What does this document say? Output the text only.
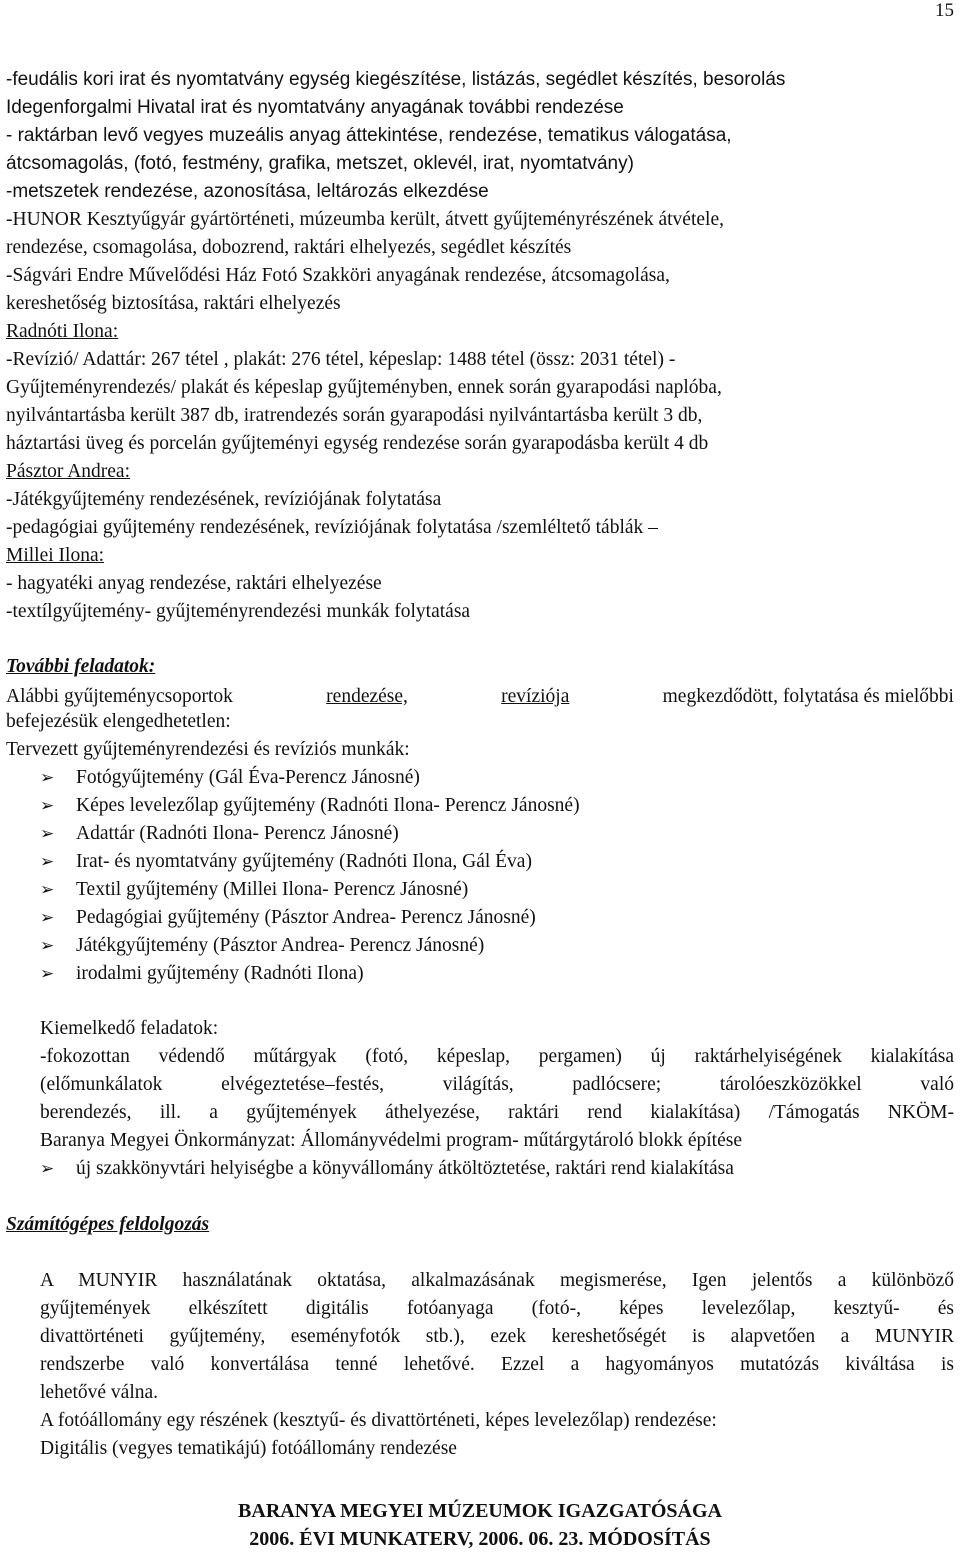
15
-feudális kori irat és nyomtatvány egység kiegészítése, listázás, segédlet készítés, besorolás
Idegenforgalmi Hivatal irat és nyomtatvány anyagának további rendezése
- raktárban levő vegyes muzeális anyag áttekintése, rendezése, tematikus válogatása,
átcsomagolás, (fotó, festmény, grafika, metszet, oklevél, irat, nyomtatvány)
-metszetek rendezése, azonosítása, leltározás elkezdése
-HUNOR Kesztyűgyár gyártörténeti, múzeumba került, átvett gyűjteményrészének átvétele,
rendezése, csomagolása, dobozrend, raktári elhelyezés, segédlet készítés
-Ságvári Endre Művelődési Ház Fotó Szakköri anyagának rendezése, átcsomagolása,
kereshetőség biztosítása, raktári elhelyezés
Radnóti Ilona:
-Revízió/ Adattár: 267 tétel , plakát: 276 tétel, képeslap: 1488 tétel (össz: 2031 tétel) -
Gyűjteményrendezés/ plakát és képeslap gyűjteményben, ennek során gyarapodási naplóba,
nyilvántartásba került 387 db, iratrendezés során gyarapodási nyilvántartásba került 3 db,
háztartási üveg és porcelán gyűjteményi egység rendezése során gyarapodásba került 4 db
Pásztor Andrea:
-Játékgyűjtemény rendezésének, revíziójának folytatása
-pedagógiai gyűjtemény rendezésének, revíziójának folytatása /szemléltető táblák –
Millei Ilona:
- hagyatéki anyag rendezése, raktári elhelyezése
-textílgyűjtemény- gyűjteményrendezési munkák folytatása
További feladatok:
Alábbi gyűjteménycsoportok	rendezése,	revíziója	megkezdődött, folytatása és mielőbbi
befejezésük elengedhetetlen:
Tervezett gyűjteményrendezési és revíziós munkák:
➢ Fotógyűjtemény (Gál Éva-Perencz Jánosné)
➢ Képes levelezőlap gyűjtemény (Radnóti Ilona- Perencz Jánosné)
➢ Adattár (Radnóti Ilona- Perencz Jánosné)
➢ Irat- és nyomtatvány gyűjtemény (Radnóti Ilona, Gál Éva)
➢ Textil gyűjtemény (Millei Ilona- Perencz Jánosné)
➢ Pedagógiai gyűjtemény (Pásztor Andrea- Perencz Jánosné)
➢ Játékgyűjtemény (Pásztor Andrea- Perencz Jánosné)
➢ irodalmi gyűjtemény (Radnóti Ilona)
Kiemelkedő feladatok:
-fokozottan védendő műtárgyak (fotó, képeslap, pergamen) új raktárhelyiségének kialakítása
(előmunkálatok elvégeztetése–festés, világítás, padlócsere; tárolóeszközökkel való
berendezés, ill. a gyűjtemények áthelyezése, raktári rend kialakítása) /Támogatás NKÖM-
Baranya Megyei Önkormányzat: Állományvédelmi program- műtárgytároló blokk építése
➢ új szakkönyvtári helyiségbe a könyvállomány átköltöztetése, raktári rend kialakítása
Számítógépes feldolgozás
A MUNYIR használatának oktatása, alkalmazásának megismerése, Igen jelentős a különböző
gyűjtemények elkészített digitális fotóanyaga (fotó-, képes levelezőlap, kesztyű- és
divattörténeti gyűjtemény, eseményfotók stb.), ezek kereshetőségét is alapvetően a MUNYIR
rendszerbe való konvertálása tenné lehetővé. Ezzel a hagyományos mutatózás kiváltása is
lehetővé válna.
A fotóállomány egy részének (kesztyű- és divattörténeti, képes levelezőlap) rendezése:
Digitális (vegyes tematikájú) fotóállomány rendezése
BARANYA MEGYEI MÚZEUMOK IGAZGATÓSÁGA
2006. ÉVI MUNKATERV, 2006. 06. 23. MÓDOSÍTÁS
